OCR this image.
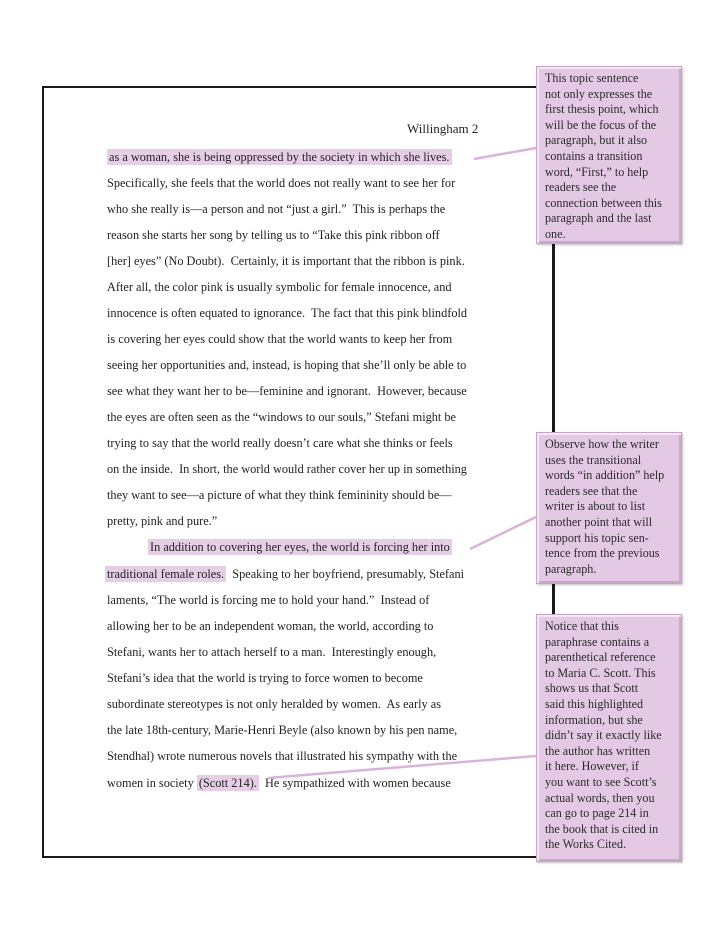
Willingham 2
as a woman, she is being oppressed by the society in which she lives.
Specifically, she feels that the world does not really want to see her for
who she really is—a person and not “just a girl.”  This is perhaps the
reason she starts her song by telling us to “Take this pink ribbon off
[her] eyes” (No Doubt).  Certainly, it is important that the ribbon is pink.
After all, the color pink is usually symbolic for female innocence, and
innocence is often equated to ignorance.  The fact that this pink blindfold
is covering her eyes could show that the world wants to keep her from
seeing her opportunities and, instead, is hoping that she’ll only be able to
see what they want her to be—feminine and ignorant.  However, because
the eyes are often seen as the “windows to our souls,” Stefani might be
trying to say that the world really doesn’t care what she thinks or feels
on the inside.  In short, the world would rather cover her up in something
they want to see—a picture of what they think femininity should be—
pretty, pink and pure.”
In addition to covering her eyes, the world is forcing her into
traditional female roles.  Speaking to her boyfriend, presumably, Stefani
laments, “The world is forcing me to hold your hand.”  Instead of
allowing her to be an independent woman, the world, according to
Stefani, wants her to attach herself to a man.  Interestingly enough,
Stefani’s idea that the world is trying to force women to become
subordinate stereotypes is not only heralded by women.  As early as
the late 18th-century, Marie-Henri Beyle (also known by his pen name,
Stendhal) wrote numerous novels that illustrated his sympathy with the
women in society (Scott 214).  He sympathized with women because
This topic sentence
not only expresses the
first thesis point, which
will be the focus of the
paragraph, but it also
contains a transition
word, “First,” to help
readers see the
connection between this
paragraph and the last
one.
Observe how the writer
uses the transitional
words “in addition” help
readers see that the
writer is about to list
another point that will
support his topic sen-
tence from the previous
paragraph.
Notice that this
paraphrase contains a
parenthetical reference
to Maria C. Scott. This
shows us that Scott
said this highlighted
information, but she
didn’t say it exactly like
the author has written
it here. However, if
you want to see Scott’s
actual words, then you
can go to page 214 in
the book that is cited in
the Works Cited.
